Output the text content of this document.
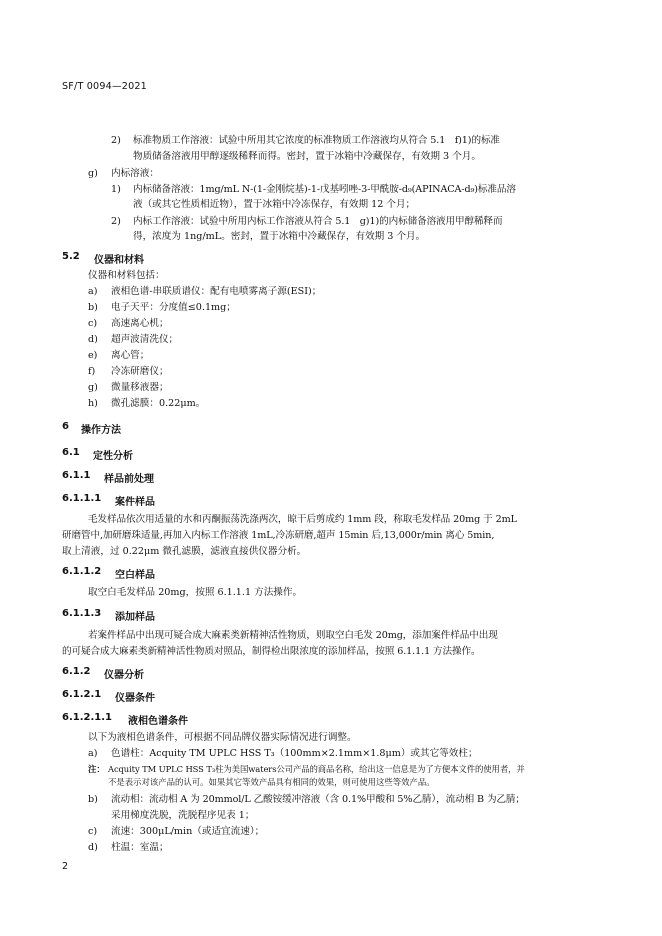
SF/T 0094—2021
2) 标准物质工作溶液：试验中所用其它浓度的标准物质工作溶液均从符合 5.1　f)1)的标准
物质储备溶液用甲醇逐级稀释而得。密封，置于冰箱中冷藏保存，有效期 3 个月。
g) 内标溶液：
1) 内标储备溶液：1mg/mL N-(1-金刚烷基)-1-戊基吲唑-3-甲酰胺-d₉(APINACA-d₉)标准品溶
液（或其它性质相近物），置于冰箱中冷冻保存，有效期 12 个月；
2) 内标工作溶液：试验中所用内标工作溶液从符合 5.1　g)1)的内标储备溶液用甲醇稀释而
得，浓度为 1ng/mL。密封，置于冰箱中冷藏保存，有效期 3 个月。
5.2 仪器和材料
仪器和材料包括：
a) 液相色谱-串联质谱仪：配有电喷雾离子源(ESI)；
b) 电子天平：分度值≤0.1mg；
c) 高速离心机；
d) 超声波清洗仪；
e) 离心管；
f) 冷冻研磨仪；
g) 微量移液器；
h) 微孔滤膜：0.22μm。
6 操作方法
6.1 定性分析
6.1.1 样品前处理
6.1.1.1 案件样品
毛发样品依次用适量的水和丙酮振荡洗涤两次，晾干后剪成约 1mm 段，称取毛发样品 20mg 于 2mL
研磨管中,加研磨珠适量,再加入内标工作溶液 1mL,冷冻研磨,超声 15min 后,13,000r/min 离心 5min,
取上清液，过 0.22μm 微孔滤膜，滤液直接供仪器分析。
6.1.1.2 空白样品
取空白毛发样品 20mg，按照 6.1.1.1 方法操作。
6.1.1.3 添加样品
若案件样品中出现可疑合成大麻素类新精神活性物质，则取空白毛发 20mg，添加案件样品中出现
的可疑合成大麻素类新精神活性物质对照品，制得检出限浓度的添加样品，按照 6.1.1.1 方法操作。
6.1.2 仪器分析
6.1.2.1 仪器条件
6.1.2.1.1 液相色谱条件
以下为液相色谱条件，可根据不同品牌仪器实际情况进行调整。
a) 色谱柱：Acquity TM UPLC HSS T₃（100mm×2.1mm×1.8μm）或其它等效柱；
注： Acquity TM UPLC HSS T₃柱为美国waters公司产品的商品名称，给出这一信息是为了方便本文件的使用者，并
不是表示对该产品的认可。如果其它等效产品具有相同的效果，则可使用这些等效产品。
b) 流动相：流动相 A 为 20mmol/L 乙酸铵缓冲溶液（含 0.1%甲酸和 5%乙腈），流动相 B 为乙腈；
采用梯度洗脱，洗脱程序见表 1；
c) 流速：300μL/min（或适宜流速）；
d) 柱温：室温；
2
